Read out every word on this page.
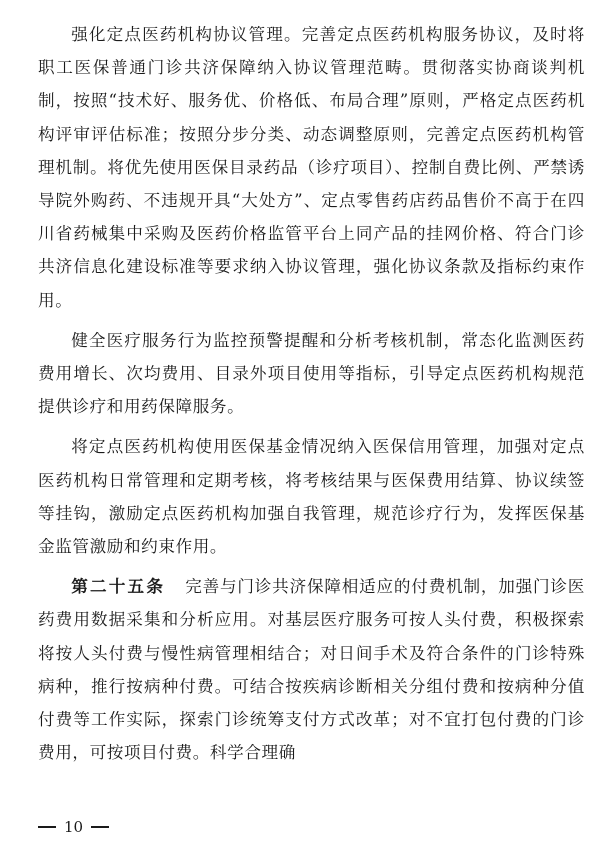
强化定点医药机构协议管理。完善定点医药机构服务协议，及时将职工医保普通门诊共济保障纳入协议管理范畴。贯彻落实协商谈判机制，按照“技术好、服务优、价格低、布局合理”原则，严格定点医药机构评审评估标准；按照分步分类、动态调整原则，完善定点医药机构管理机制。将优先使用医保目录药品（诊疗项目）、控制自费比例、严禁诱导院外购药、不违规开具“大处方”、定点零售药店药品售价不高于在四川省药械集中采购及医药价格监管平台上同产品的挂网价格、符合门诊共济信息化建设标准等要求纳入协议管理，强化协议条款及指标约束作用。

健全医疗服务行为监控预警提醒和分析考核机制，常态化监测医药费用增长、次均费用、目录外项目使用等指标，引导定点医药机构规范提供诊疗和用药保障服务。

将定点医药机构使用医保基金情况纳入医保信用管理，加强对定点医药机构日常管理和定期考核，将考核结果与医保费用结算、协议续签等挂钩，激励定点医药机构加强自我管理，规范诊疗行为，发挥医保基金监管激励和约束作用。

第二十五条 完善与门诊共济保障相适应的付费机制，加强门诊医药费用数据采集和分析应用。对基层医疗服务可按人头付费，积极探索将按人头付费与慢性病管理相结合；对日间手术及符合条件的门诊特殊病种，推行按病种付费。可结合按疾病诊断相关分组付费和按病种分值付费等工作实际，探索门诊统筹支付方式改革；对不宜打包付费的门诊费用，可按项目付费。科学合理确

10
